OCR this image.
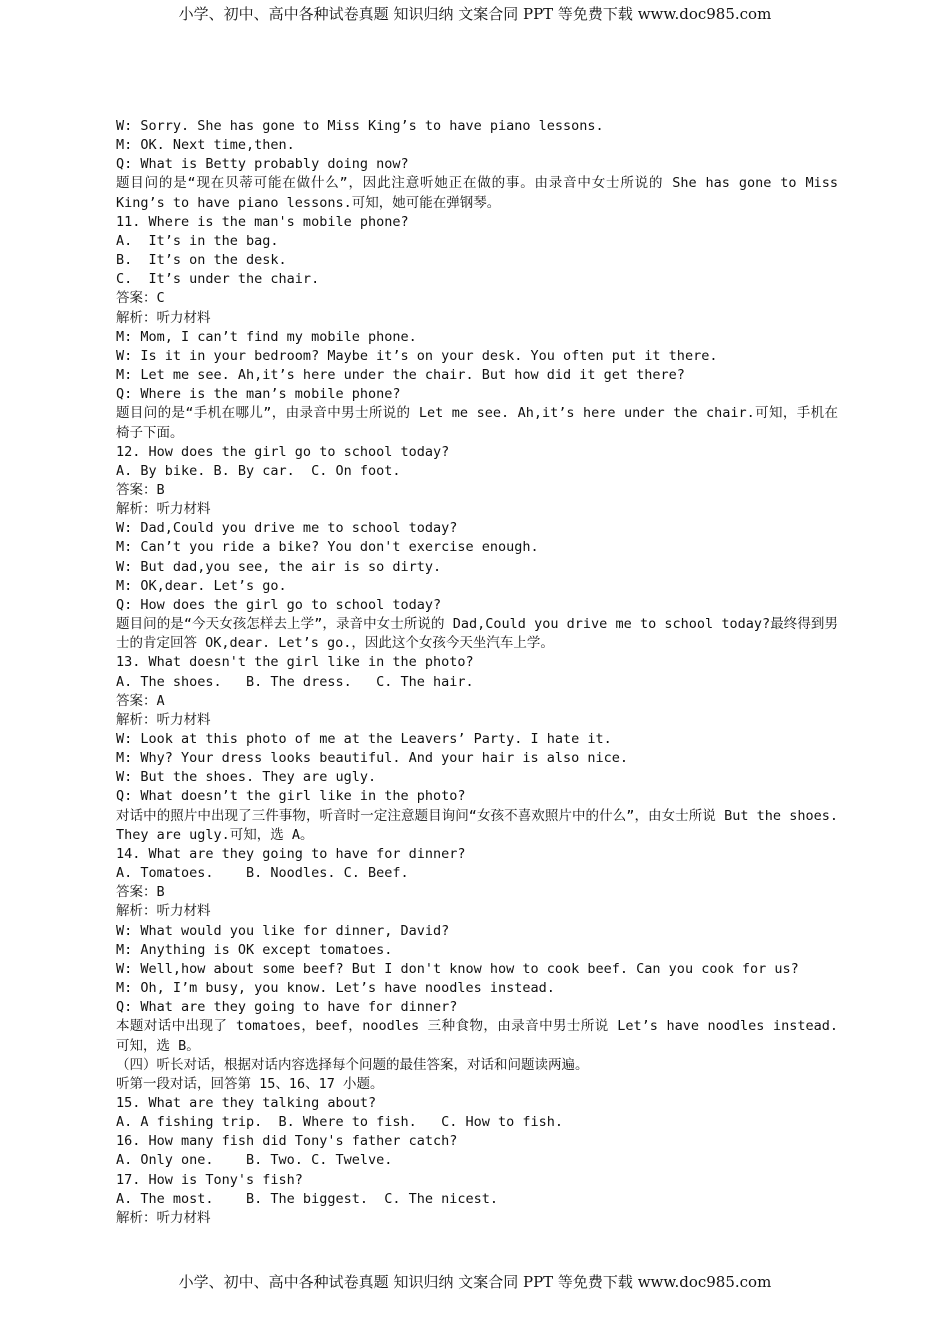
小学、初中、高中各种试卷真题 知识归纳 文案合同 PPT 等免费下载 www.doc985.com

W: Sorry. She has gone to Miss King’s to have piano lessons.

M: OK. Next time,then.

Q: What is Betty probably doing now?

题目问的是“现在贝蒂可能在做什么”，因此注意听她正在做的事。由录音中女士所说的 She has gone to Miss King’s to have piano lessons.可知，她可能在弹钢琴。

11. Where is the man's mobile phone?

A.  It’s in the bag.

B.  It’s on the desk.

C.  It’s under the chair.

答案：C

解析：听力材料

M: Mom, I can’t find my mobile phone.

W: Is it in your bedroom? Maybe it’s on your desk. You often put it there.

M: Let me see. Ah,it’s here under the chair. But how did it get there?

Q: Where is the man’s mobile phone?

题目问的是“手机在哪儿”，由录音中男士所说的 Let me see. Ah,it’s here under the chair.可知，手机在椅子下面。

12. How does the girl go to school today?

A. By bike. B. By car.  C. On foot.

答案：B

解析：听力材料

W: Dad,Could you drive me to school today?

M: Can’t you ride a bike? You don't exercise enough.

W: But dad,you see, the air is so dirty.

M: OK,dear. Let’s go.

Q: How does the girl go to school today?

题目问的是“今天女孩怎样去上学”，录音中女士所说的 Dad,Could you drive me to school today?最终得到男士的肯定回答 OK,dear. Let’s go.，因此这个女孩今天坐汽车上学。

13. What doesn't the girl like in the photo?

A. The shoes.   B. The dress.   C. The hair.

答案：A

解析：听力材料

W: Look at this photo of me at the Leavers’ Party. I hate it.

M: Why? Your dress looks beautiful. And your hair is also nice.

W: But the shoes. They are ugly.

Q: What doesn’t the girl like in the photo?

对话中的照片中出现了三件事物，听音时一定注意题目询问“女孩不喜欢照片中的什么”，由女士所说 But the shoes. They are ugly.可知，选 A。

14. What are they going to have for dinner?

A. Tomatoes.    B. Noodles. C. Beef.

答案：B

解析：听力材料

W: What would you like for dinner, David?

M: Anything is OK except tomatoes.

W: Well,how about some beef? But I don't know how to cook beef. Can you cook for us?

M: Oh, I’m busy, you know. Let’s have noodles instead.

Q: What are they going to have for dinner?

本题对话中出现了 tomatoes，beef，noodles 三种食物，由录音中男士所说 Let’s have noodles instead.可知，选 B。

（四）听长对话，根据对话内容选择每个问题的最佳答案，对话和问题读两遍。

听第一段对话，回答第 15、16、17 小题。

15. What are they talking about?

A. A fishing trip.  B. Where to fish.   C. How to fish.

16. How many fish did Tony's father catch?

A. Only one.    B. Two. C. Twelve.

17. How is Tony's fish?

A. The most.    B. The biggest.  C. The nicest.

解析：听力材料

小学、初中、高中各种试卷真题 知识归纳 文案合同 PPT 等免费下载 www.doc985.com
